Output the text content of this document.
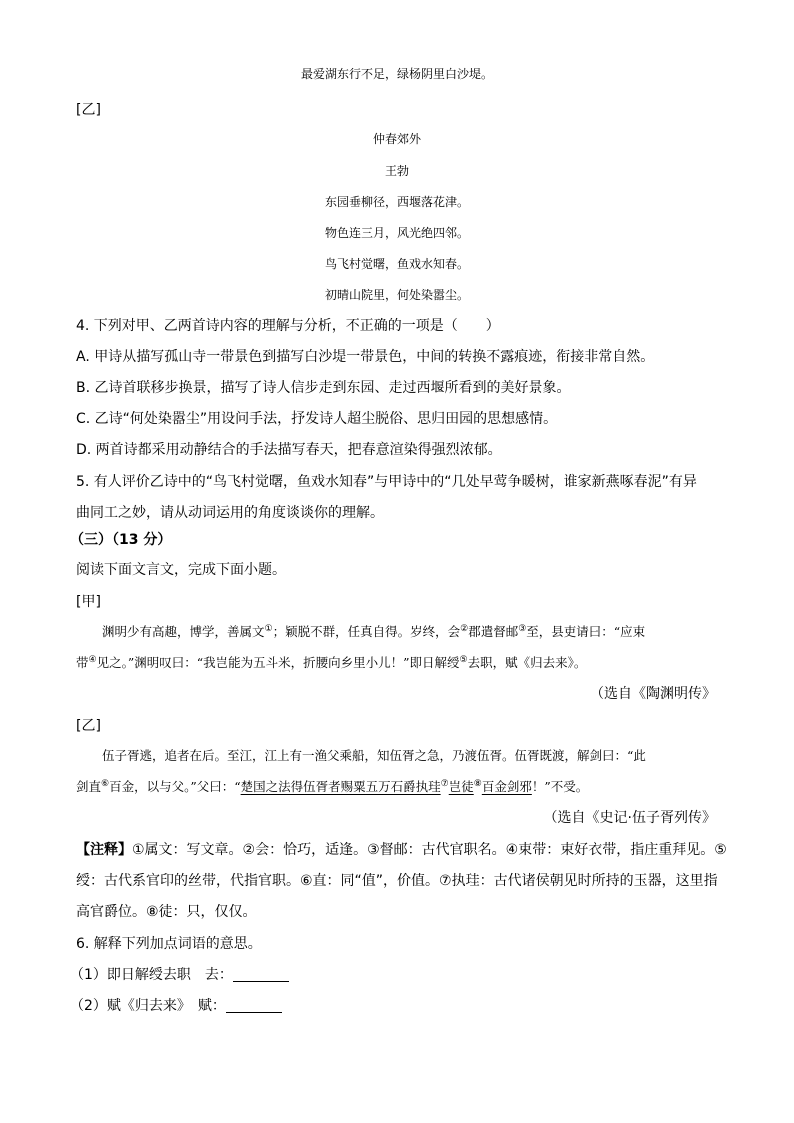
最爱湖东行不足，绿杨阴里白沙堤。
[乙]
仲春郊外
王勃
东园垂柳径，西堰落花津。
物色连三月，风光绝四邻。
鸟飞村觉曙，鱼戏水知春。
初晴山院里，何处染嚣尘。
4. 下列对甲、乙两首诗内容的理解与分析，不正确的一项是（　　）
A. 甲诗从描写孤山寺一带景色到描写白沙堤一带景色，中间的转换不露痕迹，衔接非常自然。
B. 乙诗首联移步换景，描写了诗人信步走到东园、走过西堰所看到的美好景象。
C. 乙诗“何处染嚣尘”用设问手法，抒发诗人超尘脱俗、思归田园的思想感情。
D. 两首诗都采用动静结合的手法描写春天，把春意渲染得强烈浓郁。
5. 有人评价乙诗中的“鸟飞村觉曙，鱼戏水知春”与甲诗中的“几处早莺争暖树，谁家新燕啄春泥”有异
曲同工之妙，请从动词运用的角度谈谈你的理解。
（三）（13 分）
阅读下面文言文，完成下面小题。
[甲]
渊明少有高趣，博学，善属文①；颖脱不群，任真自得。岁终，会②郡遣督邮③至，县吏请曰：“应束
带④见之。”渊明叹曰：“我岂能为五斗米，折腰向乡里小儿！”即日解绶⑤去职，赋《归去来》。
（选自《陶渊明传》
[乙]
伍子胥逃，追者在后。至江，江上有一渔父乘船，知伍胥之急，乃渡伍胥。伍胥既渡，解剑曰：“此
剑直⑥百金，以与父。”父曰：“楚国之法得伍胥者赐粟五万石爵执珪⑦岂徒⑧百金剑邪！”不受。
（选自《史记·伍子胥列传》
【注释】①属文：写文章。②会：恰巧，适逢。③督邮：古代官职名。④束带：束好衣带，指庄重拜见。⑤
绶：古代系官印的丝带，代指官职。⑥直：同“值”，价值。⑦执珪：古代诸侯朝见时所持的玉器，这里指
高官爵位。⑧徒：只，仅仅。
6. 解释下列加点词语的意思。
（1）即日解绶去职　去：
（2）赋《归去来》　赋：
